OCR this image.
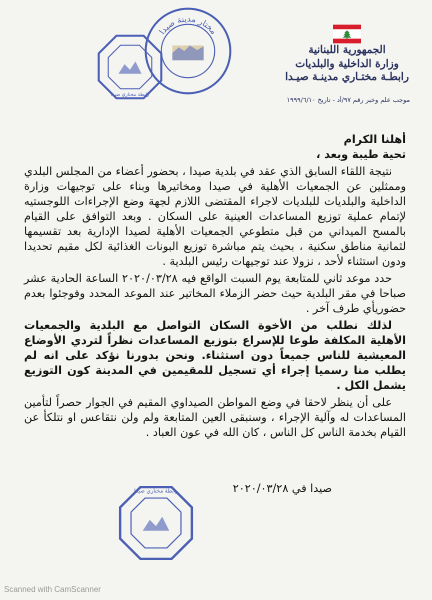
الجمهورية اللبنانية
وزارة الداخلية والبلديات
رابطـة مختـاري مدينـة صيـدا
موجب علم وخبر رقم ٩٧/أد - تاريخ ١٩٩٩/٦/١٠
مختار مدينة صيدا
رابطة مختاري صيدا

أهلنا الكرام

تحية طيبة وبعد ،

نتيجة اللقاء السابق الذي عقد في بلدية صيدا ، بحضور أعضاء من المجلس البلدي وممثلين عن الجمعيات الأهلية في صيدا ومخاتيرها وبناء على توجيهات وزارة الداخلية والبلديات للبلديات لاجراء المقتضى اللازم لجهة وضع الإجراءات اللوجستيه لإتمام عملية توزيع المساعدات العينية على السكان . وبعد التوافق على القيام بالمسح الميداني من قبل متطوعي الجمعيات الأهلية لصيدا الإدارية بعد تقسيمها لثمانية مناطق سكنية ، بحيث يتم مباشرة توزيع البونات الغذائية لكل مقيم تحديدا ودون استثناء لأحد ، نزولا عند توجيهات رئيس البلدية .

حدد موعد ثاني للمتابعة يوم السبت الواقع فيه ٢٠٢٠/٠٣/٢٨ الساعة الحادية عشر صباحا في مقر البلدية حيث حضر الزملاء المخاتير عند الموعد المحدد وفوجئوا بعدم حضوريأي طرف آخر .

لذلك نطلب من الأخوة السكان التواصل مع البلدية والجمعيات الأهلية المكلفة طوعا للإسراع بتوزيع المساعدات نظراً لتردي الأوضاع المعيشية للناس جميعاً دون استثناء. ونحن بدورنا نؤكد على انه لم يطلب منا رسميا إجراء أي تسجيل للمقيمين في المدينة كون التوزيع يشمل الكل .

على أن ينظر لاحقا في وضع المواطن الصيداوي المقيم في الجوار حصراً لتأمين المساعدات له وآلية الإجراء ، وسنبقى العين المتابعة ولم ولن نتقاعس او نتلكأ عن القيام بخدمة الناس كل الناس ، كان الله في عون العباد .

صيدا في ٢٠٢٠/٠٣/٢٨
رابطة مختاري صيدا
Scanned with CamScanner
